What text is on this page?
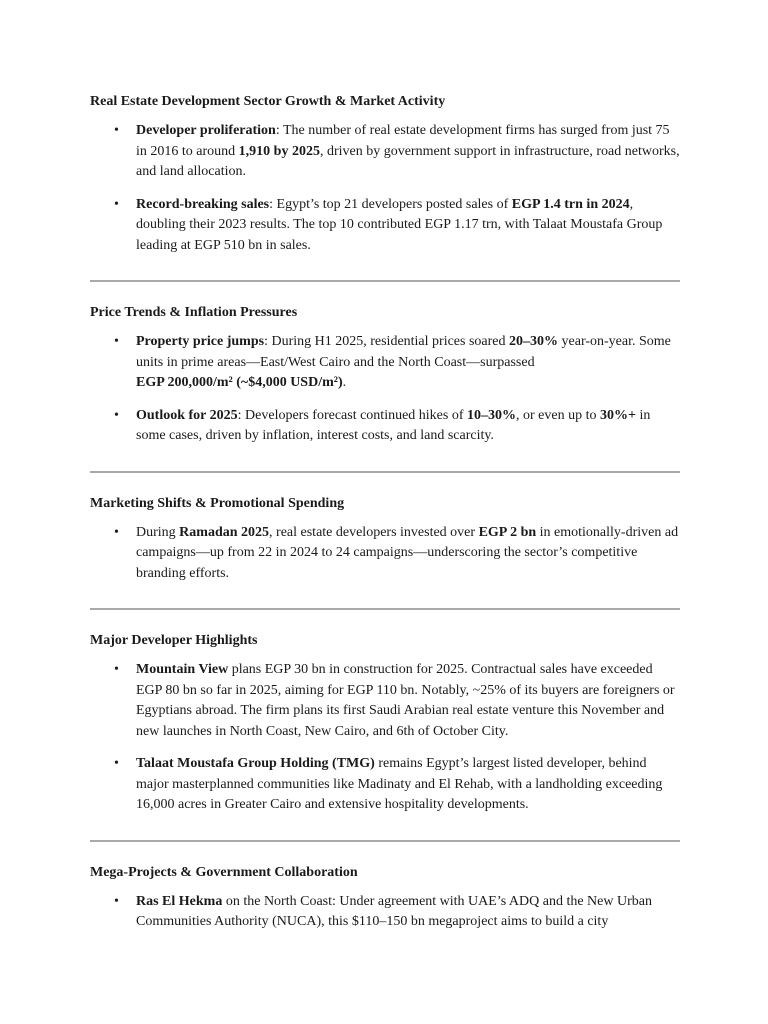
Real Estate Development Sector Growth & Market Activity
• Developer proliferation: The number of real estate development firms has surged from just 75 in 2016 to around 1,910 by 2025, driven by government support in infrastructure, road networks, and land allocation.
• Record-breaking sales: Egypt’s top 21 developers posted sales of EGP 1.4 trn in 2024, doubling their 2023 results. The top 10 contributed EGP 1.17 trn, with Talaat Moustafa Group leading at EGP 510 bn in sales.
Price Trends & Inflation Pressures
• Property price jumps: During H1 2025, residential prices soared 20–30% year-on-year. Some units in prime areas—East/West Cairo and the North Coast—surpassed
EGP 200,000/m² (~$4,000 USD/m²).
• Outlook for 2025: Developers forecast continued hikes of 10–30%, or even up to 30%+ in some cases, driven by inflation, interest costs, and land scarcity.
Marketing Shifts & Promotional Spending
• During Ramadan 2025, real estate developers invested over EGP 2 bn in emotionally-driven ad campaigns—up from 22 in 2024 to 24 campaigns—underscoring the sector’s competitive branding efforts.
Major Developer Highlights
• Mountain View plans EGP 30 bn in construction for 2025. Contractual sales have exceeded EGP 80 bn so far in 2025, aiming for EGP 110 bn. Notably, ~25% of its buyers are foreigners or Egyptians abroad. The firm plans its first Saudi Arabian real estate venture this November and new launches in North Coast, New Cairo, and 6th of October City.
• Talaat Moustafa Group Holding (TMG) remains Egypt’s largest listed developer, behind major masterplanned communities like Madinaty and El Rehab, with a landholding exceeding 16,000 acres in Greater Cairo and extensive hospitality developments.
Mega-Projects & Government Collaboration
• Ras El Hekma on the North Coast: Under agreement with UAE’s ADQ and the New Urban Communities Authority (NUCA), this $110–150 bn megaproject aims to build a city
